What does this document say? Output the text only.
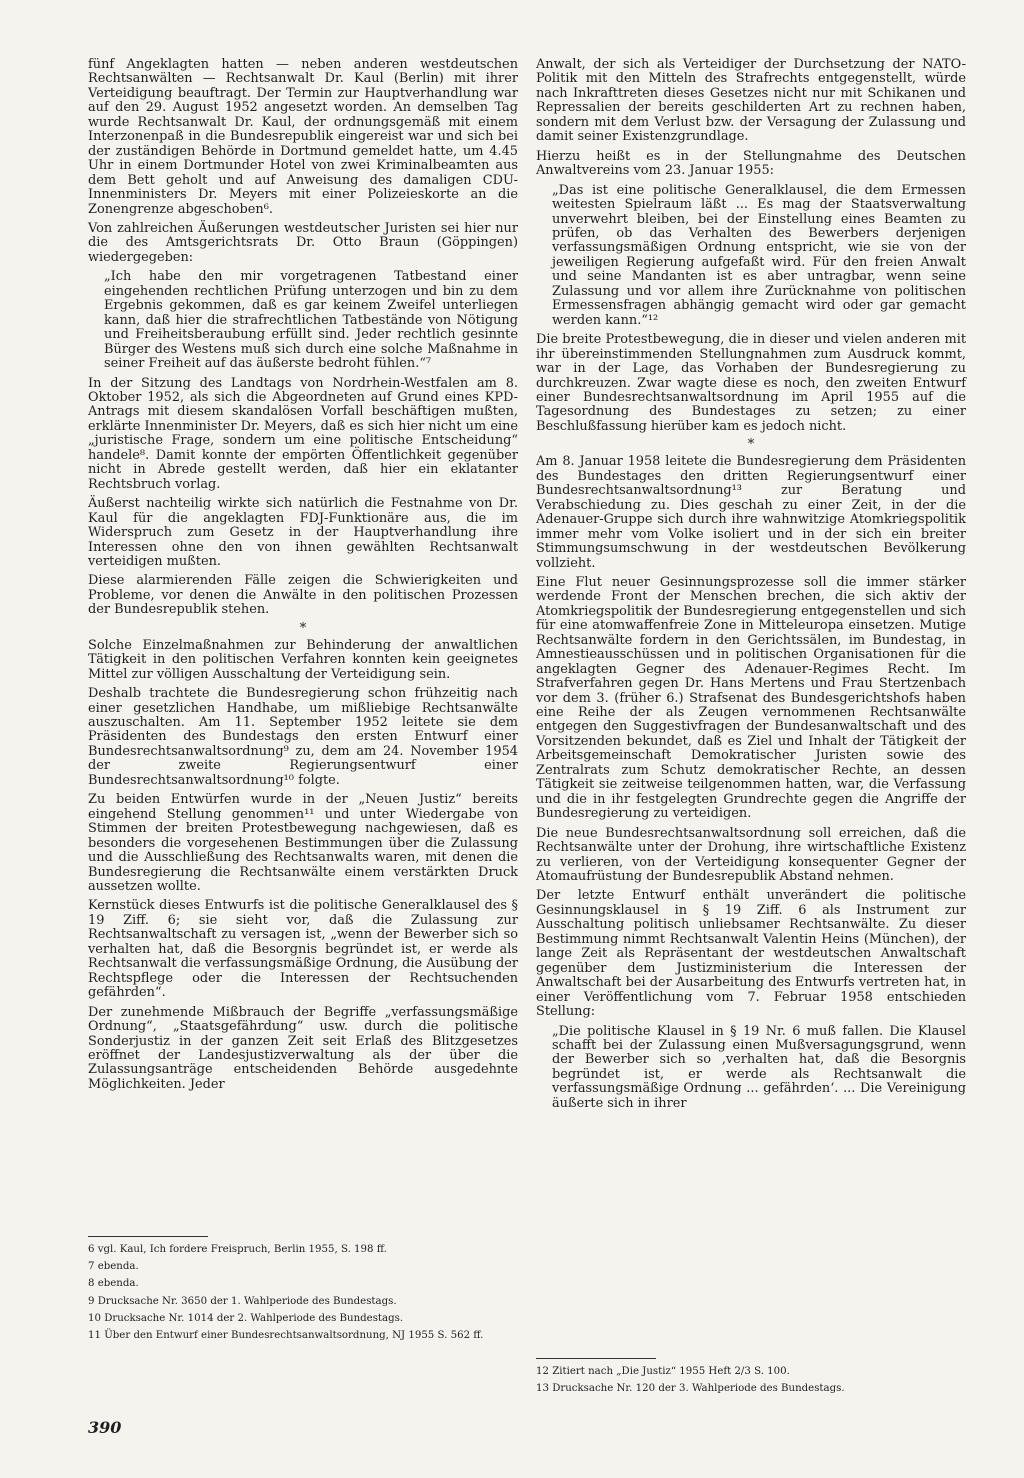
fünf Angeklagten hatten — neben anderen westdeutschen Rechtsanwälten — Rechtsanwalt Dr. Kaul (Berlin) mit ihrer Verteidigung beauftragt. Der Termin zur Hauptverhandlung war auf den 29. August 1952 angesetzt worden. An demselben Tag wurde Rechtsanwalt Dr. Kaul, der ordnungsgemäß mit einem Interzonenpaß in die Bundesrepublik eingereist war und sich bei der zuständigen Behörde in Dortmund gemeldet hatte, um 4.45 Uhr in einem Dortmunder Hotel von zwei Kriminalbeamten aus dem Bett geholt und auf Anweisung des damaligen CDU-Innenministers Dr. Meyers mit einer Polizeieskorte an die Zonengrenze abgeschoben⁶.

Von zahlreichen Äußerungen westdeutscher Juristen sei hier nur die des Amtsgerichtsrats Dr. Otto Braun (Göppingen) wiedergegeben:

„Ich habe den mir vorgetragenen Tatbestand einer eingehenden rechtlichen Prüfung unterzogen und bin zu dem Ergebnis gekommen, daß es gar keinem Zweifel unterliegen kann, daß hier die strafrechtlichen Tatbestände von Nötigung und Freiheitsberaubung erfüllt sind. Jeder rechtlich gesinnte Bürger des Westens muß sich durch eine solche Maßnahme in seiner Freiheit auf das äußerste bedroht fühlen.“⁷

In der Sitzung des Landtags von Nordrhein-Westfalen am 8. Oktober 1952, als sich die Abgeordneten auf Grund eines KPD-Antrags mit diesem skandalösen Vorfall beschäftigen mußten, erklärte Innenminister Dr. Meyers, daß es sich hier nicht um eine „juristische Frage, sondern um eine politische Entscheidung“ handele⁸. Damit konnte der empörten Öffentlichkeit gegenüber nicht in Abrede gestellt werden, daß hier ein eklatanter Rechtsbruch vorlag.

Äußerst nachteilig wirkte sich natürlich die Festnahme von Dr. Kaul für die angeklagten FDJ-Funktionäre aus, die im Widerspruch zum Gesetz in der Hauptverhandlung ihre Interessen ohne den von ihnen gewählten Rechtsanwalt verteidigen mußten.

Diese alarmierenden Fälle zeigen die Schwierigkeiten und Probleme, vor denen die Anwälte in den politischen Prozessen der Bundesrepublik stehen.

*

Solche Einzelmaßnahmen zur Behinderung der anwaltlichen Tätigkeit in den politischen Verfahren konnten kein geeignetes Mittel zur völligen Ausschaltung der Verteidigung sein.

Deshalb trachtete die Bundesregierung schon frühzeitig nach einer gesetzlichen Handhabe, um mißliebige Rechtsanwälte auszuschalten. Am 11. September 1952 leitete sie dem Präsidenten des Bundestags den ersten Entwurf einer Bundesrechtsanwaltsordnung⁹ zu, dem am 24. November 1954 der zweite Regierungsentwurf einer Bundesrechtsanwaltsordnung¹⁰ folgte.

Zu beiden Entwürfen wurde in der „Neuen Justiz“ bereits eingehend Stellung genommen¹¹ und unter Wiedergabe von Stimmen der breiten Protestbewegung nachgewiesen, daß es besonders die vorgesehenen Bestimmungen über die Zulassung und die Ausschließung des Rechtsanwalts waren, mit denen die Bundesregierung die Rechtsanwälte einem verstärkten Druck aussetzen wollte.

Kernstück dieses Entwurfs ist die politische Generalklausel des § 19 Ziff. 6; sie sieht vor, daß die Zulassung zur Rechtsanwaltschaft zu versagen ist, „wenn der Bewerber sich so verhalten hat, daß die Besorgnis begründet ist, er werde als Rechtsanwalt die verfassungsmäßige Ordnung, die Ausübung der Rechtspflege oder die Interessen der Rechtsuchenden gefährden“.

Der zunehmende Mißbrauch der Begriffe „verfassungsmäßige Ordnung“, „Staatsgefährdung“ usw. durch die politische Sonderjustiz in der ganzen Zeit seit Erlaß des Blitzgesetzes eröffnet der Landesjustizverwaltung als der über die Zulassungsanträge entscheidenden Behörde ausgedehnte Möglichkeiten. Jeder

Anwalt, der sich als Verteidiger der Durchsetzung der NATO-Politik mit den Mitteln des Strafrechts entgegenstellt, würde nach Inkrafttreten dieses Gesetzes nicht nur mit Schikanen und Repressalien der bereits geschilderten Art zu rechnen haben, sondern mit dem Verlust bzw. der Versagung der Zulassung und damit seiner Existenzgrundlage.

Hierzu heißt es in der Stellungnahme des Deutschen Anwaltvereins vom 23. Januar 1955:

„Das ist eine politische Generalklausel, die dem Ermessen weitesten Spielraum läßt ... Es mag der Staatsverwaltung unverwehrt bleiben, bei der Einstellung eines Beamten zu prüfen, ob das Verhalten des Bewerbers derjenigen verfassungsmäßigen Ordnung entspricht, wie sie von der jeweiligen Regierung aufgefaßt wird. Für den freien Anwalt und seine Mandanten ist es aber untragbar, wenn seine Zulassung und vor allem ihre Zurücknahme von politischen Ermessensfragen abhängig gemacht wird oder gar gemacht werden kann.“¹²

Die breite Protestbewegung, die in dieser und vielen anderen mit ihr übereinstimmenden Stellungnahmen zum Ausdruck kommt, war in der Lage, das Vorhaben der Bundesregierung zu durchkreuzen. Zwar wagte diese es noch, den zweiten Entwurf einer Bundesrechtsanwaltsordnung im April 1955 auf die Tagesordnung des Bundestages zu setzen; zu einer Beschlußfassung hierüber kam es jedoch nicht.

*

Am 8. Januar 1958 leitete die Bundesregierung dem Präsidenten des Bundestages den dritten Regierungsentwurf einer Bundesrechtsanwaltsordnung¹³ zur Beratung und Verabschiedung zu. Dies geschah zu einer Zeit, in der die Adenauer-Gruppe sich durch ihre wahnwitzige Atomkriegspolitik immer mehr vom Volke isoliert und in der sich ein breiter Stimmungsumschwung in der westdeutschen Bevölkerung vollzieht.

Eine Flut neuer Gesinnungsprozesse soll die immer stärker werdende Front der Menschen brechen, die sich aktiv der Atomkriegspolitik der Bundesregierung entgegenstellen und sich für eine atomwaffenfreie Zone in Mitteleuropa einsetzen. Mutige Rechtsanwälte fordern in den Gerichtssälen, im Bundestag, in Amnestieausschüssen und in politischen Organisationen für die angeklagten Gegner des Adenauer-Regimes Recht. Im Strafverfahren gegen Dr. Hans Mertens und Frau Stertzenbach vor dem 3. (früher 6.) Strafsenat des Bundesgerichtshofs haben eine Reihe der als Zeugen vernommenen Rechtsanwälte entgegen den Suggestivfragen der Bundesanwaltschaft und des Vorsitzenden bekundet, daß es Ziel und Inhalt der Tätigkeit der Arbeitsgemeinschaft Demokratischer Juristen sowie des Zentralrats zum Schutz demokratischer Rechte, an dessen Tätigkeit sie zeitweise teilgenommen hatten, war, die Verfassung und die in ihr festgelegten Grundrechte gegen die Angriffe der Bundesregierung zu verteidigen.

Die neue Bundesrechtsanwaltsordnung soll erreichen, daß die Rechtsanwälte unter der Drohung, ihre wirtschaftliche Existenz zu verlieren, von der Verteidigung konsequenter Gegner der Atomaufrüstung der Bundesrepublik Abstand nehmen.

Der letzte Entwurf enthält unverändert die politische Gesinnungsklausel in § 19 Ziff. 6 als Instrument zur Ausschaltung politisch unliebsamer Rechtsanwälte. Zu dieser Bestimmung nimmt Rechtsanwalt Valentin Heins (München), der lange Zeit als Repräsentant der westdeutschen Anwaltschaft gegenüber dem Justizministerium die Interessen der Anwaltschaft bei der Ausarbeitung des Entwurfs vertreten hat, in einer Veröffentlichung vom 7. Februar 1958 entschieden Stellung:

„Die politische Klausel in § 19 Nr. 6 muß fallen. Die Klausel schafft bei der Zulassung einen Mußversagungsgrund, wenn der Bewerber sich so ‚verhalten hat, daß die Besorgnis begründet ist, er werde als Rechtsanwalt die verfassungsmäßige Ordnung ... gefährden‘. ... Die Vereinigung äußerte sich in ihrer

6 vgl. Kaul, Ich fordere Freispruch, Berlin 1955, S. 198 ff.

7 ebenda.

8 ebenda.

9 Drucksache Nr. 3650 der 1. Wahlperiode des Bundestags.

10 Drucksache Nr. 1014 der 2. Wahlperiode des Bundestags.

11 Über den Entwurf einer Bundesrechtsanwaltsordnung, NJ 1955 S. 562 ff.

12 Zitiert nach „Die Justiz“ 1955 Heft 2/3 S. 100.

13 Drucksache Nr. 120 der 3. Wahlperiode des Bundestags.

390
